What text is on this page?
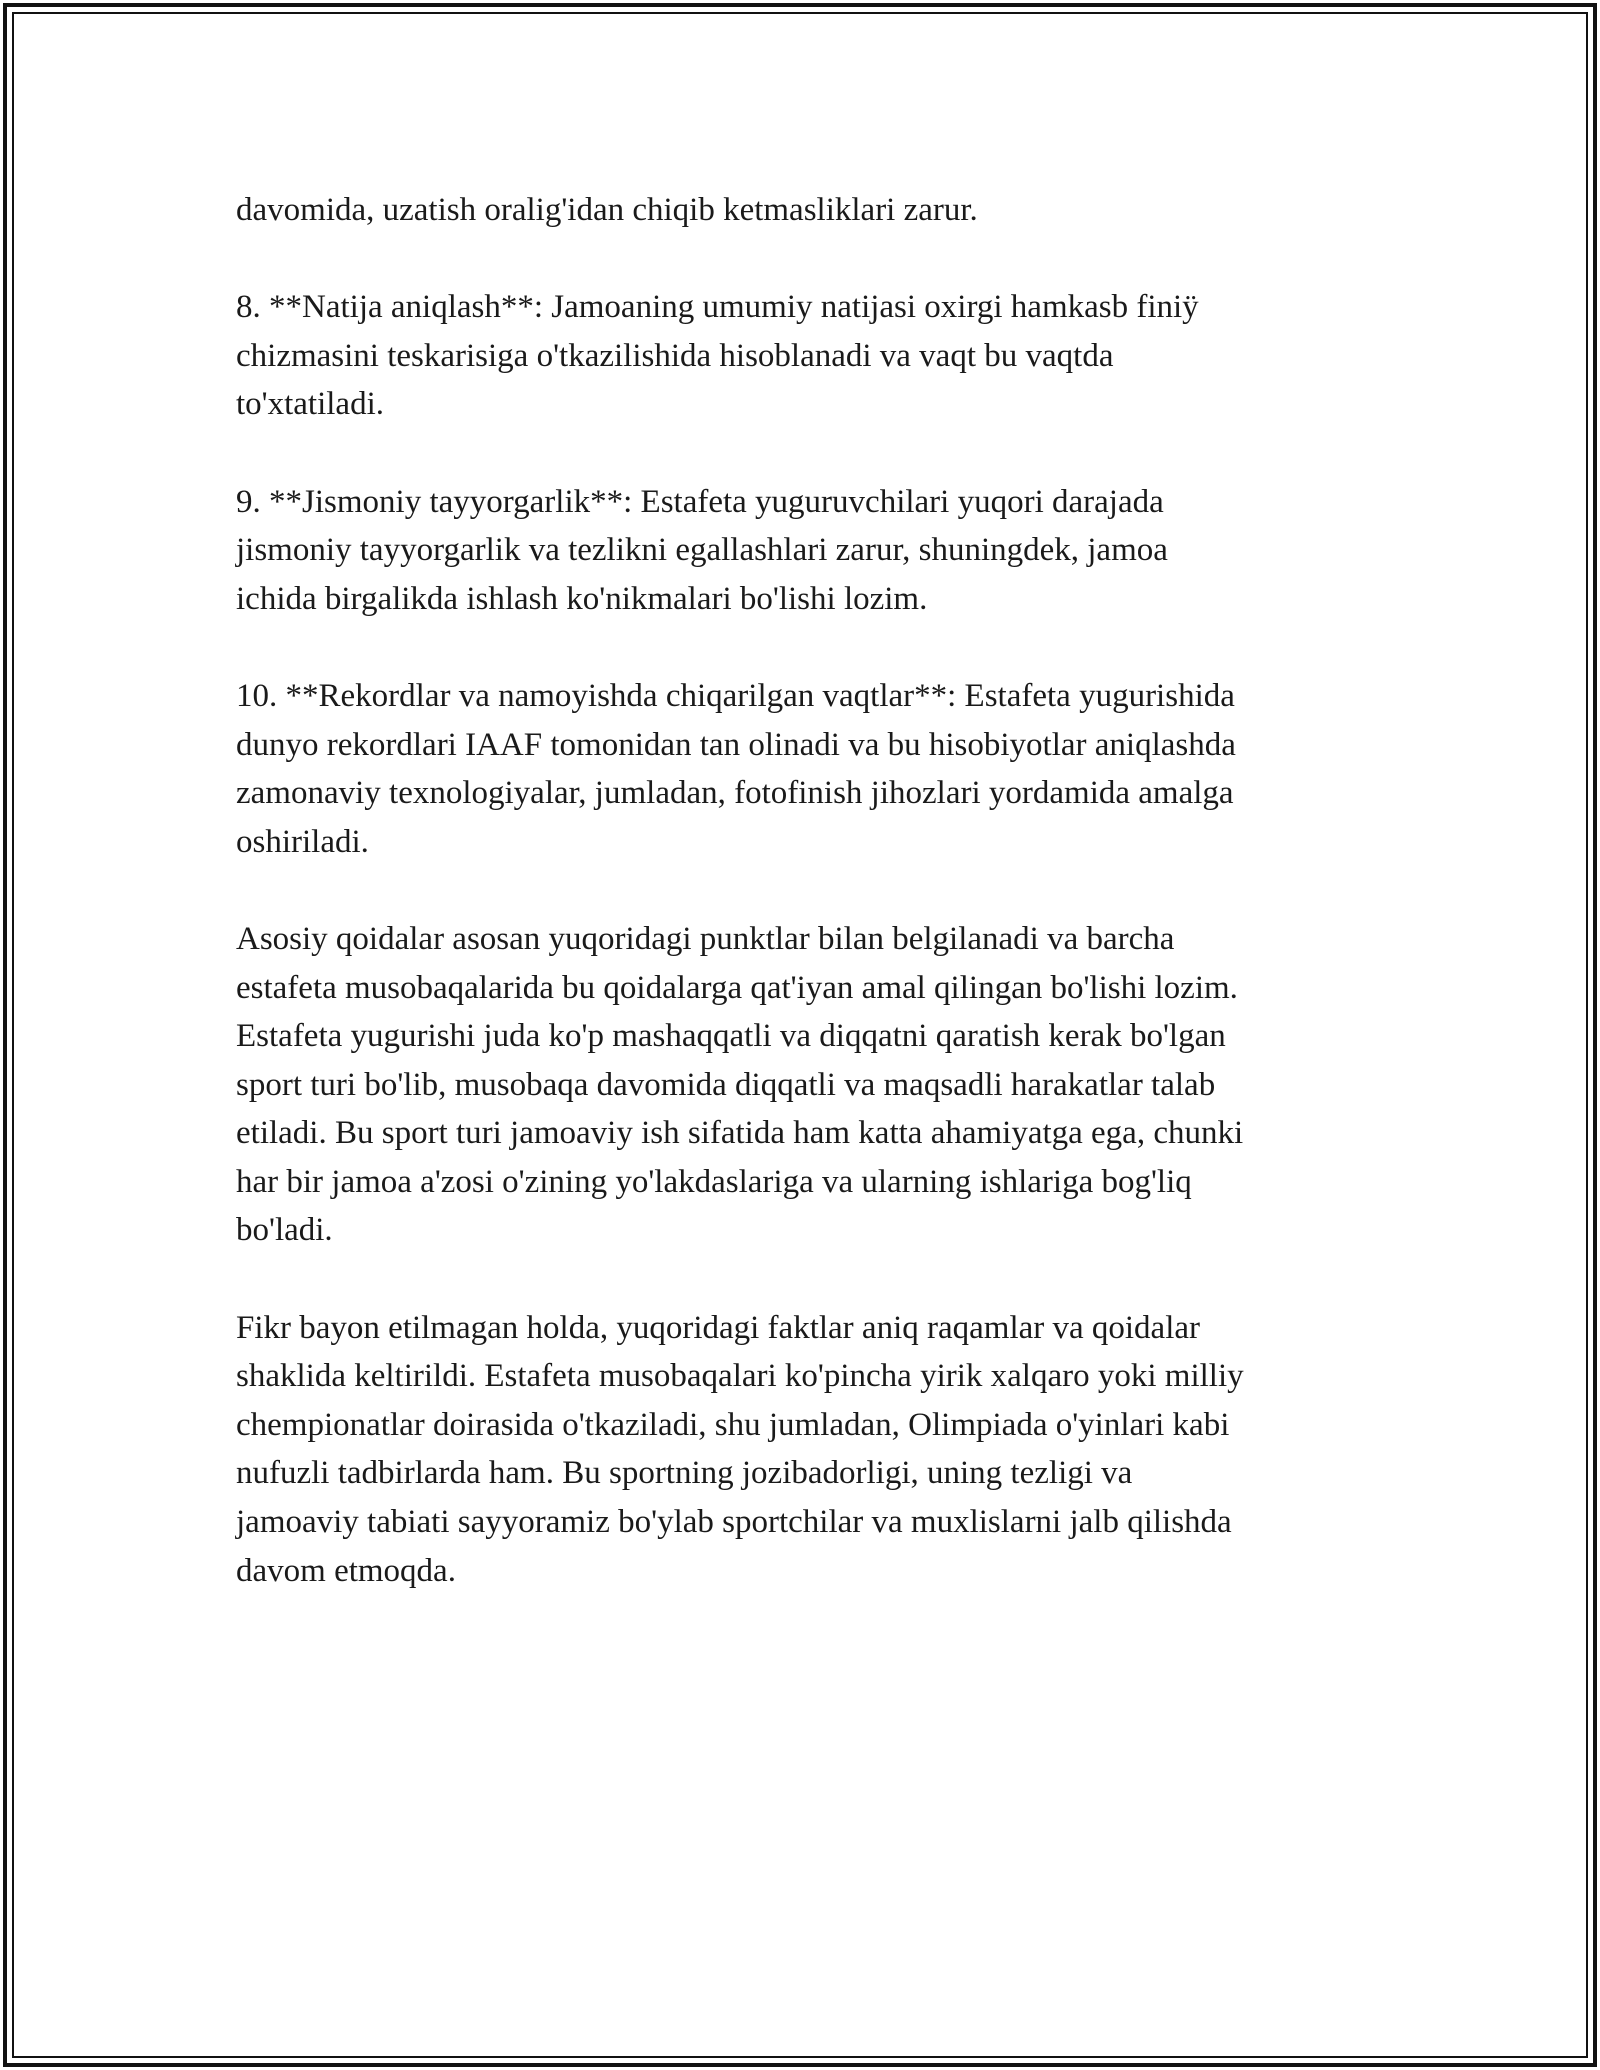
davomida, uzatish oralig'idan chiqib ketmasliklari zarur.
8. **Natija aniqlash**: Jamoaning umumiy natijasi oxirgi hamkasb finiÿ
chizmasini teskarisiga o'tkazilishida hisoblanadi va vaqt bu vaqtda
to'xtatiladi.
9. **Jismoniy tayyorgarlik**: Estafeta yuguruvchilari yuqori darajada
jismoniy tayyorgarlik va tezlikni egallashlari zarur, shuningdek, jamoa
ichida birgalikda ishlash ko'nikmalari bo'lishi lozim.
10. **Rekordlar va namoyishda chiqarilgan vaqtlar**: Estafeta yugurishida
dunyo rekordlari IAAF tomonidan tan olinadi va bu hisobiyotlar aniqlashda
zamonaviy texnologiyalar, jumladan, fotofinish jihozlari yordamida amalga
oshiriladi.
Asosiy qoidalar asosan yuqoridagi punktlar bilan belgilanadi va barcha
estafeta musobaqalarida bu qoidalarga qat'iyan amal qilingan bo'lishi lozim.
Estafeta yugurishi juda ko'p mashaqqatli va diqqatni qaratish kerak bo'lgan
sport turi bo'lib, musobaqa davomida diqqatli va maqsadli harakatlar talab
etiladi. Bu sport turi jamoaviy ish sifatida ham katta ahamiyatga ega, chunki
har bir jamoa a'zosi o'zining yo'lakdaslariga va ularning ishlariga bog'liq
bo'ladi.
Fikr bayon etilmagan holda, yuqoridagi faktlar aniq raqamlar va qoidalar
shaklida keltirildi. Estafeta musobaqalari ko'pincha yirik xalqaro yoki milliy
chempionatlar doirasida o'tkaziladi, shu jumladan, Olimpiada o'yinlari kabi
nufuzli tadbirlarda ham. Bu sportning jozibadorligi, uning tezligi va
jamoaviy tabiati sayyoramiz bo'ylab sportchilar va muxlislarni jalb qilishda
davom etmoqda.
